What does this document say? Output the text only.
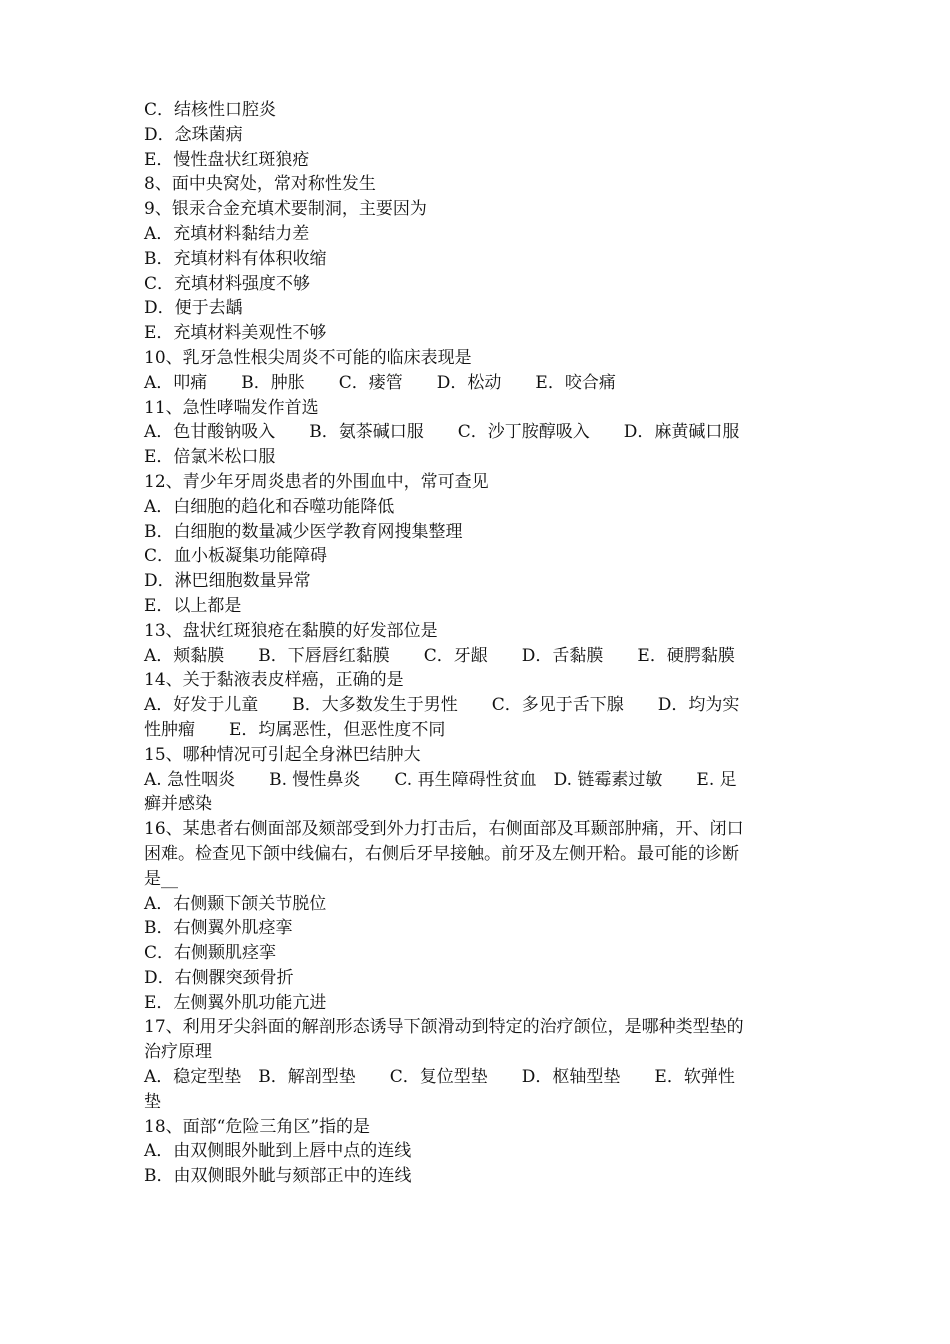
C．结核性口腔炎
D．念珠菌病
E．慢性盘状红斑狼疮
8、面中央窝处，常对称性发生
9、银汞合金充填术要制洞，主要因为
A．充填材料黏结力差
B．充填材料有体积收缩
C．充填材料强度不够
D．便于去龋
E．充填材料美观性不够
10、乳牙急性根尖周炎不可能的临床表现是
A．叩痛　　B．肿胀　　C．瘘管　　D．松动　　E．咬合痛
11、急性哮喘发作首选
A．色甘酸钠吸入　　B．氨茶碱口服　　C．沙丁胺醇吸入　　D．麻黄碱口服
E．倍氯米松口服
12、青少年牙周炎患者的外围血中，常可查见
A．白细胞的趋化和吞噬功能降低
B．白细胞的数量减少医学教育网搜集整理
C．血小板凝集功能障碍
D．淋巴细胞数量异常
E．以上都是
13、盘状红斑狼疮在黏膜的好发部位是
A．颊黏膜　　B．下唇唇红黏膜　　C．牙龈　　D．舌黏膜　　E．硬腭黏膜
14、关于黏液表皮样癌，正确的是
A．好发于儿童　　B．大多数发生于男性　　C．多见于舌下腺　　D．均为实
性肿瘤　　E．均属恶性，但恶性度不同
15、哪种情况可引起全身淋巴结肿大
A. 急性咽炎　　B. 慢性鼻炎　　C. 再生障碍性贫血　D. 链霉素过敏　　E. 足
癣并感染
16、某患者右侧面部及颏部受到外力打击后，右侧面部及耳颞部肿痛，开、闭口
困难。检查见下颌中线偏右，右侧后牙早接触。前牙及左侧开粭。最可能的诊断
是__
A．右侧颞下颌关节脱位
B．右侧翼外肌痉挛
C．右侧颞肌痉挛
D．右侧髁突颈骨折
E．左侧翼外肌功能亢进
17、利用牙尖斜面的解剖形态诱导下颌滑动到特定的治疗颌位，是哪种类型垫的
治疗原理
A．稳定型垫　B．解剖型垫　　C．复位型垫　　D．枢轴型垫　　E．软弹性
垫
18、面部“危险三角区”指的是
A．由双侧眼外眦到上唇中点的连线
B．由双侧眼外眦与颏部正中的连线
